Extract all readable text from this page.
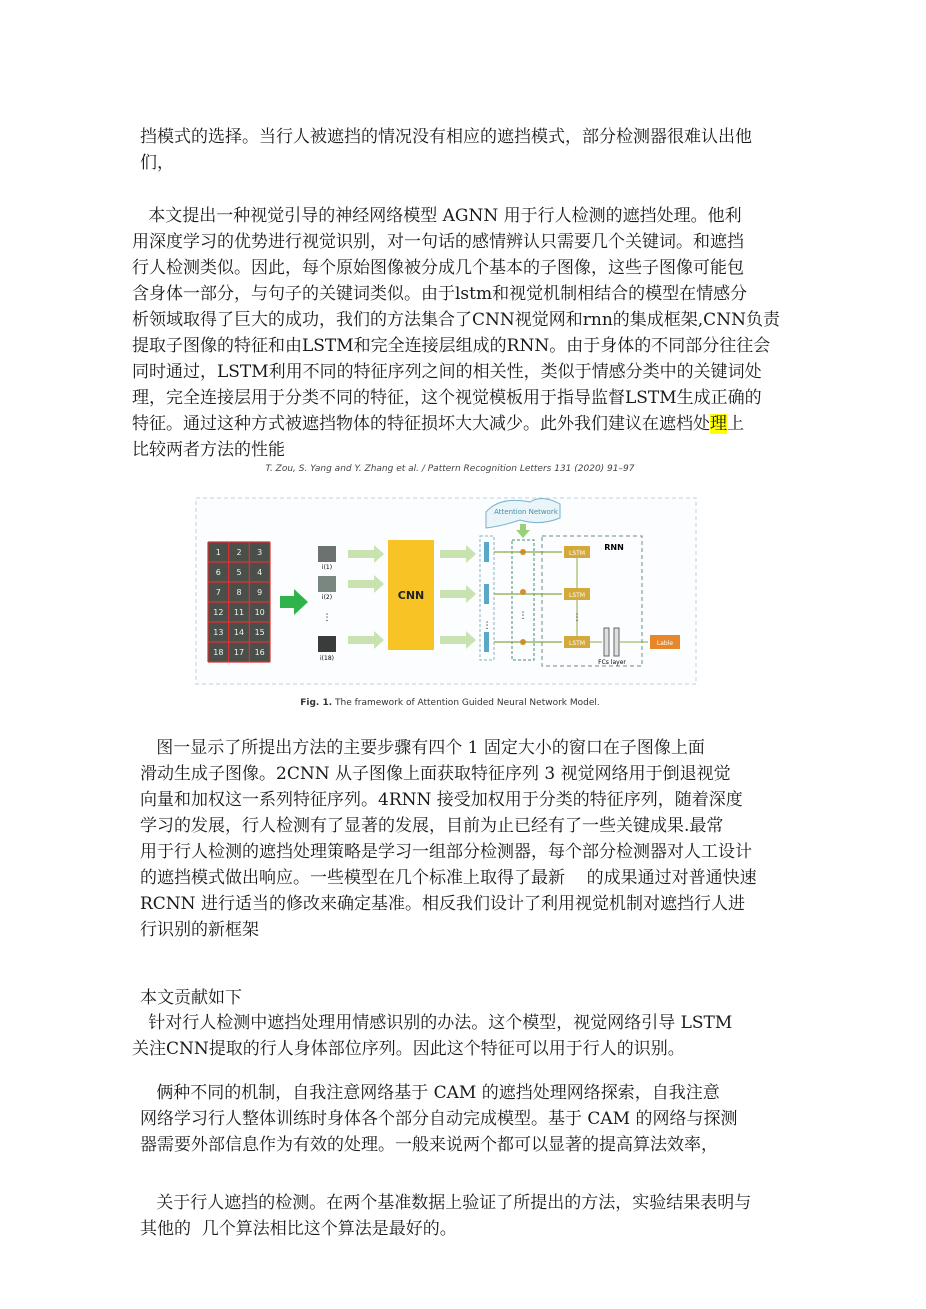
挡模式的选择。当行人被遮挡的情况没有相应的遮挡模式，部分检测器很难认出他
们，

本文提出一种视觉引导的神经网络模型 AGNN 用于行人检测的遮挡处理。他利
用深度学习的优势进行视觉识别，对一句话的感情辨认只需要几个关键词。和遮挡
行人检测类似。因此，每个原始图像被分成几个基本的子图像，这些子图像可能包
含身体一部分，与句子的关键词类似。由于lstm和视觉机制相结合的模型在情感分
析领域取得了巨大的成功，我们的方法集合了CNN视觉网和rnn的集成框架,CNN负责
提取子图像的特征和由LSTM和完全连接层组成的RNN。由于身体的不同部分往往会
同时通过，LSTM利用不同的特征序列之间的相关性，类似于情感分类中的关键词处
理，完全连接层用于分类不同的特征，这个视觉模板用于指导监督LSTM生成正确的
特征。通过这种方式被遮挡物体的特征损坏大大减少。此外我们建议在遮档处理上
比较两者方法的性能

T. Zou, S. Yang and Y. Zhang et al. / Pattern Recognition Letters 131 (2020) 91–97
1 2 3
6 5 4
7 8 9
12 11 10
13 14 15
18 17 16
i(1)
i(2)
⋮
i(18)
CNN
⋮
Attention Network
⋮
RNN
LSTM
LSTM
LSTM
⋮
FCs layer
Lable
Fig. 1. The framework of Attention Guided Neural Network Model.

图一显示了所提出方法的主要步骤有四个 1 固定大小的窗口在子图像上面
滑动生成子图像。2CNN 从子图像上面获取特征序列 3 视觉网络用于倒退视觉
向量和加权这一系列特征序列。4RNN 接受加权用于分类的特征序列，随着深度
学习的发展，行人检测有了显著的发展，目前为止已经有了一些关键成果.最常
用于行人检测的遮挡处理策略是学习一组部分检测器，每个部分检测器对人工设计
的遮挡模式做出响应。一些模型在几个标准上取得了最新    的成果通过对普通快速
RCNN 进行适当的修改来确定基准。相反我们设计了利用视觉机制对遮挡行人进
行识别的新框架

本文贡献如下

针对行人检测中遮挡处理用情感识别的办法。这个模型，视觉网络引导 LSTM
关注CNN提取的行人身体部位序列。因此这个特征可以用于行人的识别。

俩种不同的机制，自我注意网络基于 CAM 的遮挡处理网络探索，自我注意
网络学习行人整体训练时身体各个部分自动完成模型。基于 CAM 的网络与探测
器需要外部信息作为有效的处理。一般来说两个都可以显著的提高算法效率，

关于行人遮挡的检测。在两个基准数据上验证了所提出的方法，实验结果表明与
其他的  几个算法相比这个算法是最好的。
